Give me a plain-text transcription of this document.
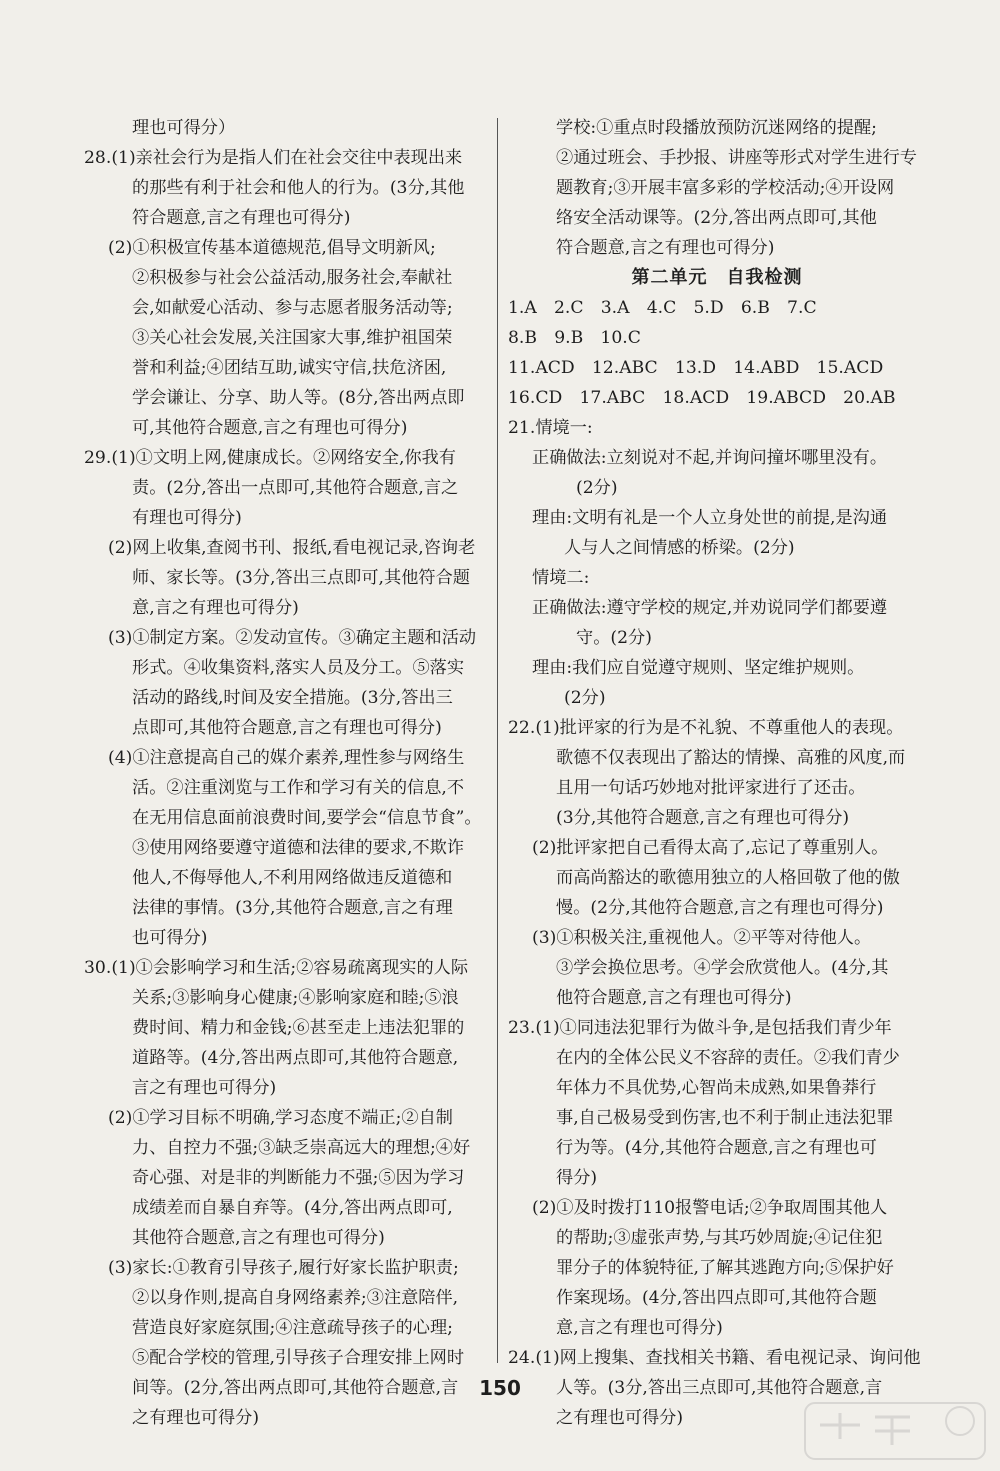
理也可得分）
28.(1)亲社会行为是指人们在社会交往中表现出来
的那些有利于社会和他人的行为。(3分,其他
符合题意,言之有理也可得分)
(2)①积极宣传基本道德规范,倡导文明新风;
②积极参与社会公益活动,服务社会,奉献社
会,如献爱心活动、参与志愿者服务活动等;
③关心社会发展,关注国家大事,维护祖国荣
誉和利益;④团结互助,诚实守信,扶危济困,
学会谦让、分享、助人等。(8分,答出两点即
可,其他符合题意,言之有理也可得分)
29.(1)①文明上网,健康成长。②网络安全,你我有
责。(2分,答出一点即可,其他符合题意,言之
有理也可得分)
(2)网上收集,查阅书刊、报纸,看电视记录,咨询老
师、家长等。(3分,答出三点即可,其他符合题
意,言之有理也可得分)
(3)①制定方案。②发动宣传。③确定主题和活动
形式。④收集资料,落实人员及分工。⑤落实
活动的路线,时间及安全措施。(3分,答出三
点即可,其他符合题意,言之有理也可得分)
(4)①注意提高自己的媒介素养,理性参与网络生
活。②注重浏览与工作和学习有关的信息,不
在无用信息面前浪费时间,要学会“信息节食”。
③使用网络要遵守道德和法律的要求,不欺诈
他人,不侮辱他人,不利用网络做违反道德和
法律的事情。(3分,其他符合题意,言之有理
也可得分)
30.(1)①会影响学习和生活;②容易疏离现实的人际
关系;③影响身心健康;④影响家庭和睦;⑤浪
费时间、精力和金钱;⑥甚至走上违法犯罪的
道路等。(4分,答出两点即可,其他符合题意,
言之有理也可得分)
(2)①学习目标不明确,学习态度不端正;②自制
力、自控力不强;③缺乏崇高远大的理想;④好
奇心强、对是非的判断能力不强;⑤因为学习
成绩差而自暴自弃等。(4分,答出两点即可,
其他符合题意,言之有理也可得分)
(3)家长:①教育引导孩子,履行好家长监护职责;
②以身作则,提高自身网络素养;③注意陪伴,
营造良好家庭氛围;④注意疏导孩子的心理;
⑤配合学校的管理,引导孩子合理安排上网时
间等。(2分,答出两点即可,其他符合题意,言
之有理也可得分)
学校:①重点时段播放预防沉迷网络的提醒;
②通过班会、手抄报、讲座等形式对学生进行专
题教育;③开展丰富多彩的学校活动;④开设网
络安全活动课等。(2分,答出两点即可,其他
符合题意,言之有理也可得分)
第二单元　自我检测
1.A　2.C　3.A　4.C　5.D　6.B　7.C
8.B　9.B　10.C
11.ACD　12.ABC　13.D　14.ABD　15.ACD
16.CD　17.ABC　18.ACD　19.ABCD　20.AB
21.情境一:
正确做法:立刻说对不起,并询问撞坏哪里没有。
(2分)
理由:文明有礼是一个人立身处世的前提,是沟通
人与人之间情感的桥梁。(2分)
情境二:
正确做法:遵守学校的规定,并劝说同学们都要遵
守。(2分)
理由:我们应自觉遵守规则、坚定维护规则。
(2分)
22.(1)批评家的行为是不礼貌、不尊重他人的表现。
歌德不仅表现出了豁达的情操、高雅的风度,而
且用一句话巧妙地对批评家进行了还击。
(3分,其他符合题意,言之有理也可得分)
(2)批评家把自己看得太高了,忘记了尊重别人。
而高尚豁达的歌德用独立的人格回敬了他的傲
慢。(2分,其他符合题意,言之有理也可得分)
(3)①积极关注,重视他人。②平等对待他人。
③学会换位思考。④学会欣赏他人。(4分,其
他符合题意,言之有理也可得分)
23.(1)①同违法犯罪行为做斗争,是包括我们青少年
在内的全体公民义不容辞的责任。②我们青少
年体力不具优势,心智尚未成熟,如果鲁莽行
事,自己极易受到伤害,也不利于制止违法犯罪
行为等。(4分,其他符合题意,言之有理也可
得分)
(2)①及时拨打110报警电话;②争取周围其他人
的帮助;③虚张声势,与其巧妙周旋;④记住犯
罪分子的体貌特征,了解其逃跑方向;⑤保护好
作案现场。(4分,答出四点即可,其他符合题
意,言之有理也可得分)
24.(1)网上搜集、查找相关书籍、看电视记录、询问他
人等。(3分,答出三点即可,其他符合题意,言
之有理也可得分)
150
